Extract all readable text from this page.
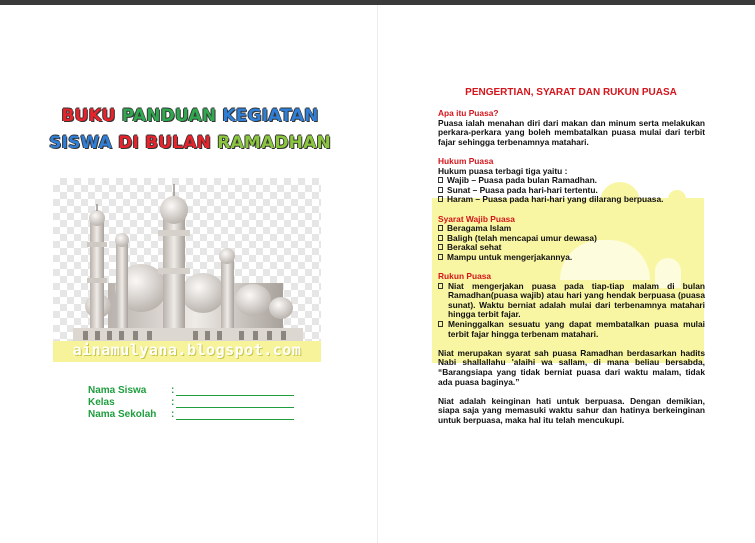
BUKU PANDUAN KEGIATAN
SISWA DI BULAN RAMADHAN
ainamulyana.blogspot.com
Nama Siswa :
Kelas	:
Nama Sekolah :
PENGERTIAN, SYARAT DAN RUKUN PUASA
Apa itu Puasa?

Puasa ialah menahan diri dari makan dan minum serta melakukan perkara-perkara yang boleh membatalkan puasa mulai dari terbit fajar sehingga terbenamnya matahari.

Hukum Puasa
Hukum puasa terbagi tiga yaitu :
Wajib – Puasa pada bulan Ramadhan.
Sunat – Puasa pada hari-hari tertentu.
Haram – Puasa pada hari-hari yang dilarang berpuasa.
Syarat Wajib Puasa
Beragama Islam
Baligh (telah mencapai umur dewasa)
Berakal sehat
Mampu untuk mengerjakannya.
Rukun Puasa
Niat mengerjakan puasa pada tiap-tiap malam di bulan Ramadhan(puasa wajib) atau hari yang hendak berpuasa (puasa sunat). Waktu berniat adalah mulai dari terbenamnya matahari hingga terbit fajar.
Meninggalkan sesuatu yang dapat membatalkan puasa mulai terbit fajar hingga terbenam matahari.

Niat merupakan syarat sah puasa Ramadhan berdasarkan hadits Nabi shallallahu 'alaihi wa sallam, di mana beliau bersabda, “Barangsiapa yang tidak berniat puasa dari waktu malam, tidak ada puasa baginya.”

Niat adalah keinginan hati untuk berpuasa. Dengan demikian, siapa saja yang memasuki waktu sahur dan hatinya berkeinginan untuk berpuasa, maka hal itu telah mencukupi.
